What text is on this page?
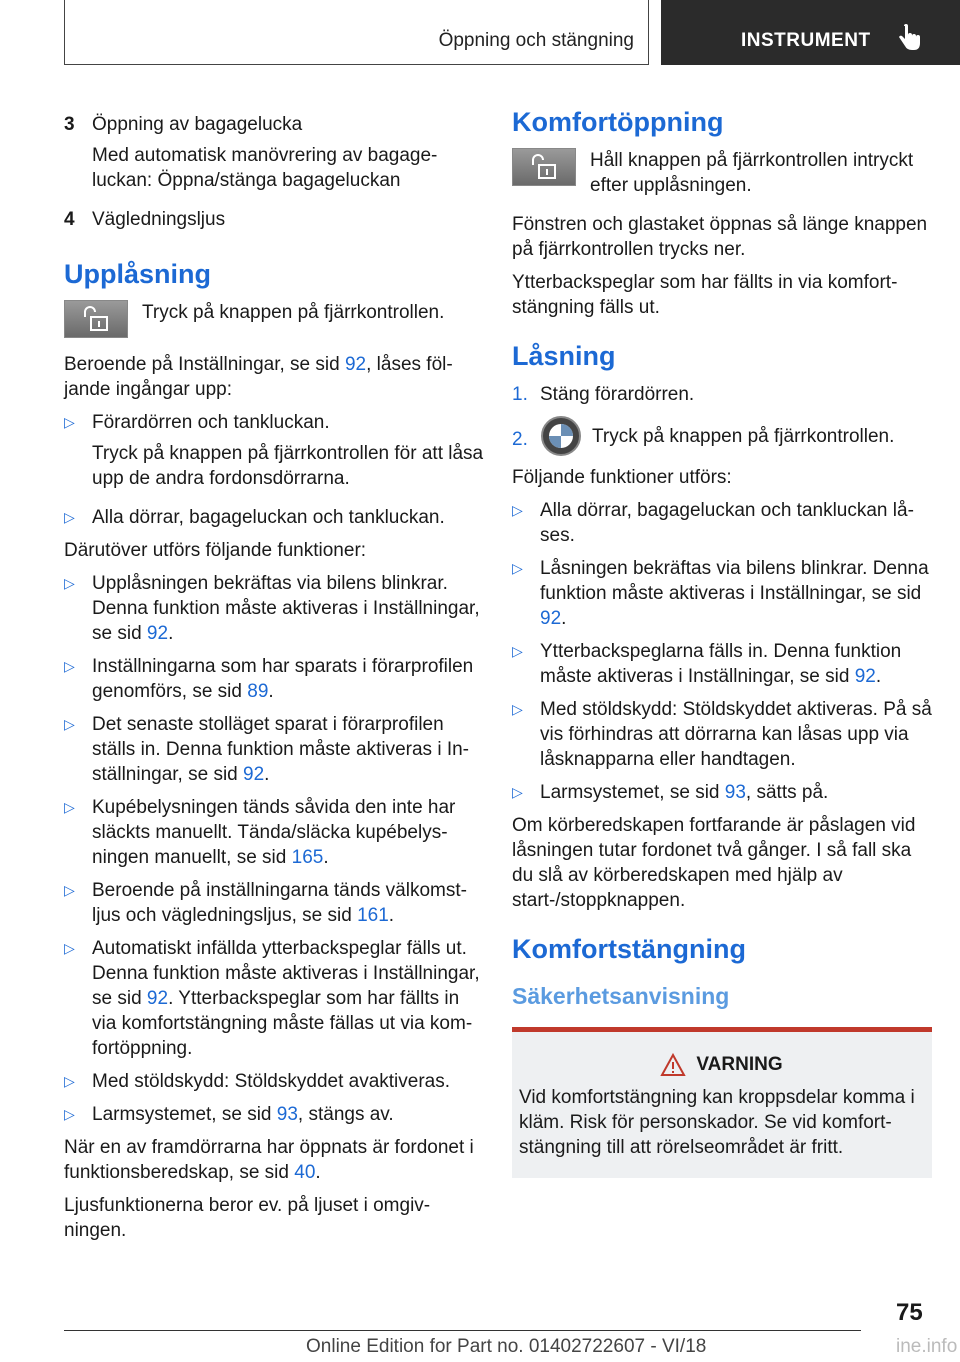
Öppning och stängning	INSTRUMENT
3 Öppning av bagagelucka

Med automatisk manövrering av bagage-luckan: Öppna/stänga bagageluckan

4 Vägledningsljus

Upplåsning
Tryck på knappen på fjärrkontrollen.

Beroende på Inställningar, se sid 92, låses föl-jande ingångar upp:

▷ Förardörren och tankluckan.

Tryck på knappen på fjärrkontrollen för att låsa upp de andra fordonsdörrarna.

▷ Alla dörrar, bagageluckan och tankluckan.

Därutöver utförs följande funktioner:

▷ Upplåsningen bekräftas via bilens blinkrar. Denna funktion måste aktiveras i Inställningar, se sid 92.
▷ Inställningarna som har sparats i förarprofilen genomförs, se sid 89.
▷ Det senaste stolläget sparat i förarprofilen ställs in. Denna funktion måste aktiveras i In-ställningar, se sid 92.
▷ Kupébelysningen tänds såvida den inte har släckts manuellt. Tända/släcka kupébelys-ningen manuellt, se sid 165.
▷ Beroende på inställningarna tänds välkomst-ljus och vägledningsljus, se sid 161.
▷ Automatiskt infällda ytterbackspeglar fälls ut. Denna funktion måste aktiveras i Inställningar, se sid 92. Ytterbackspeglar som har fällts in via komfortstängning måste fällas ut via kom-fortöppning.
▷ Med stöldskydd: Stöldskyddet avaktiveras.
▷ Larmsystemet, se sid 93, stängs av.

När en av framdörrarna har öppnats är fordonet i funktionsberedskap, se sid 40.

Ljusfunktionerna beror ev. på ljuset i omgiv-ningen.

Komfortöppning
Håll knappen på fjärrkontrollen intryckt efter upplåsningen.

Fönstren och glastaket öppnas så länge knappen på fjärrkontrollen trycks ner.

Ytterbackspeglar som har fällts in via komfort-stängning fälls ut.

Låsning
1. Stäng förardörren.
2.	Tryck på knappen på fjärrkontrollen.

Följande funktioner utförs:

▷ Alla dörrar, bagageluckan och tankluckan lå-ses.
▷ Låsningen bekräftas via bilens blinkrar. Denna funktion måste aktiveras i Inställningar, se sid 92.
▷ Ytterbackspeglarna fälls in. Denna funktion måste aktiveras i Inställningar, se sid 92.
▷ Med stöldskydd: Stöldskyddet aktiveras. På så vis förhindras att dörrarna kan låsas upp via låsknapparna eller handtagen.
▷ Larmsystemet, se sid 93, sätts på.

Om körberedskapen fortfarande är påslagen vid låsningen tutar fordonet två gånger. I så fall ska du slå av körberedskapen med hjälp av start-/stoppknappen.

Komfortstängning
Säkerhetsanvisning
VARNING
Vid komfortstängning kan kroppsdelar komma i kläm. Risk för personskador. Se vid komfort-stängning till att rörelseområdet är fritt.
75
Online Edition for Part no. 01402722607 - VI/18	ine.info
